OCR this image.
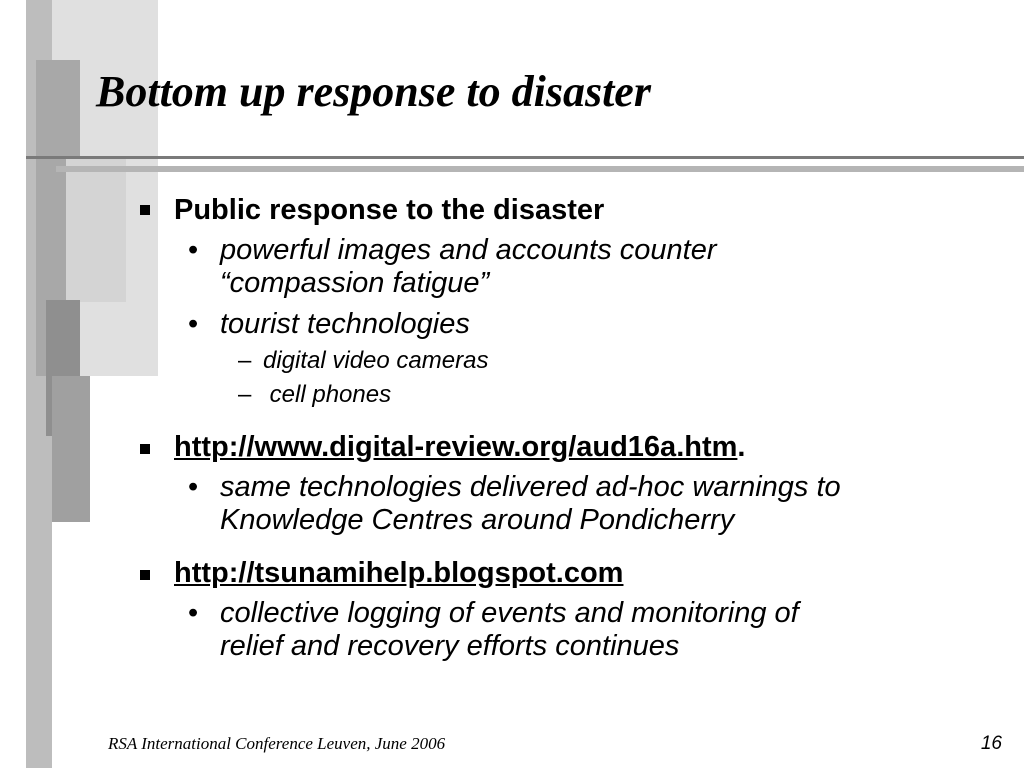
Bottom up response to disaster
Public response to the disaster
• powerful images and accounts counter
“compassion fatigue”
• tourist technologies
– digital video cameras
– cell phones
http://www.digital-review.org/aud16a.htm.
• same technologies delivered ad-hoc warnings to
Knowledge Centres around Pondicherry
http://tsunamihelp.blogspot.com
• collective logging of events and monitoring of
relief and recovery efforts continues
RSA International Conference Leuven, June 2006	16
